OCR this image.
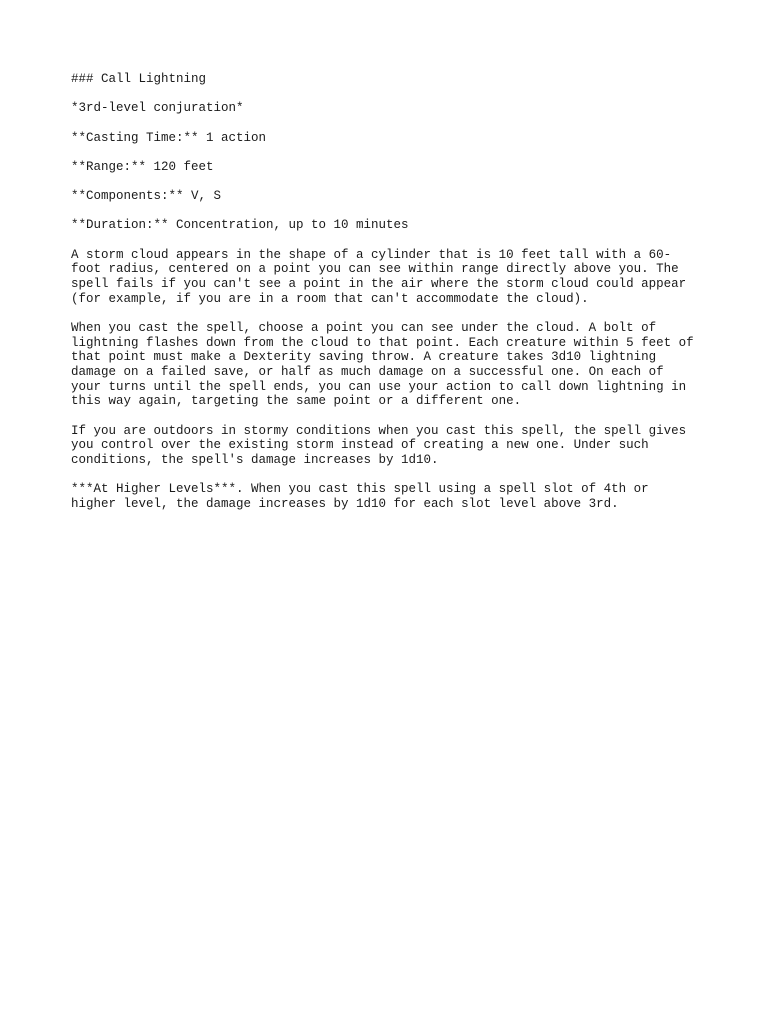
### Call Lightning
*3rd-level conjuration*
**Casting Time:** 1 action
**Range:** 120 feet
**Components:** V, S
**Duration:** Concentration, up to 10 minutes
A storm cloud appears in the shape of a cylinder that is 10 feet tall with a 60-
foot radius, centered on a point you can see within range directly above you. The
spell fails if you can't see a point in the air where the storm cloud could appear
(for example, if you are in a room that can't accommodate the cloud).
When you cast the spell, choose a point you can see under the cloud. A bolt of
lightning flashes down from the cloud to that point. Each creature within 5 feet of
that point must make a Dexterity saving throw. A creature takes 3d10 lightning
damage on a failed save, or half as much damage on a successful one. On each of
your turns until the spell ends, you can use your action to call down lightning in
this way again, targeting the same point or a different one.
If you are outdoors in stormy conditions when you cast this spell, the spell gives
you control over the existing storm instead of creating a new one. Under such
conditions, the spell's damage increases by 1d10.
***At Higher Levels***. When you cast this spell using a spell slot of 4th or
higher level, the damage increases by 1d10 for each slot level above 3rd.
